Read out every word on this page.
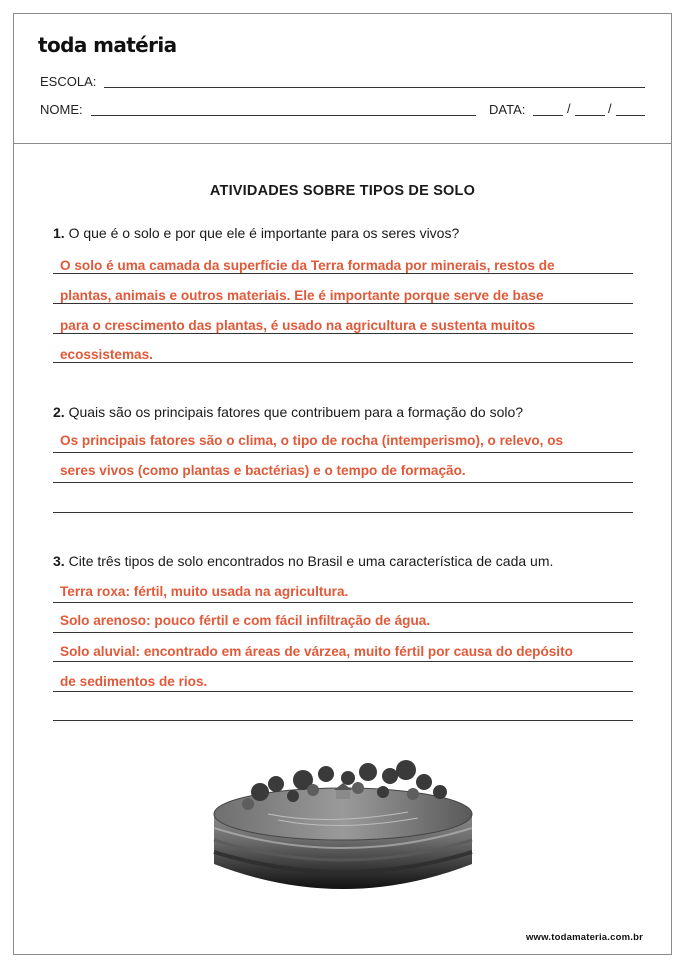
toda matéria
ESCOLA:
NOME:	DATA:	/	/
ATIVIDADES SOBRE TIPOS DE SOLO
1. O que é o solo e por que ele é importante para os seres vivos?
O solo é uma camada da superfície da Terra formada por minerais, restos de
plantas, animais e outros materiais. Ele é importante porque serve de base
para o crescimento das plantas, é usado na agricultura e sustenta muitos
ecossistemas.
2. Quais são os principais fatores que contribuem para a formação do solo?
Os principais fatores são o clima, o tipo de rocha (intemperismo), o relevo, os
seres vivos (como plantas e bactérias) e o tempo de formação.
3. Cite três tipos de solo encontrados no Brasil e uma característica de cada um.
Terra roxa: fértil, muito usada na agricultura.
Solo arenoso: pouco fértil e com fácil infiltração de água.
Solo aluvial: encontrado em áreas de várzea, muito fértil por causa do depósito
de sedimentos de rios.
www.todamateria.com.br
